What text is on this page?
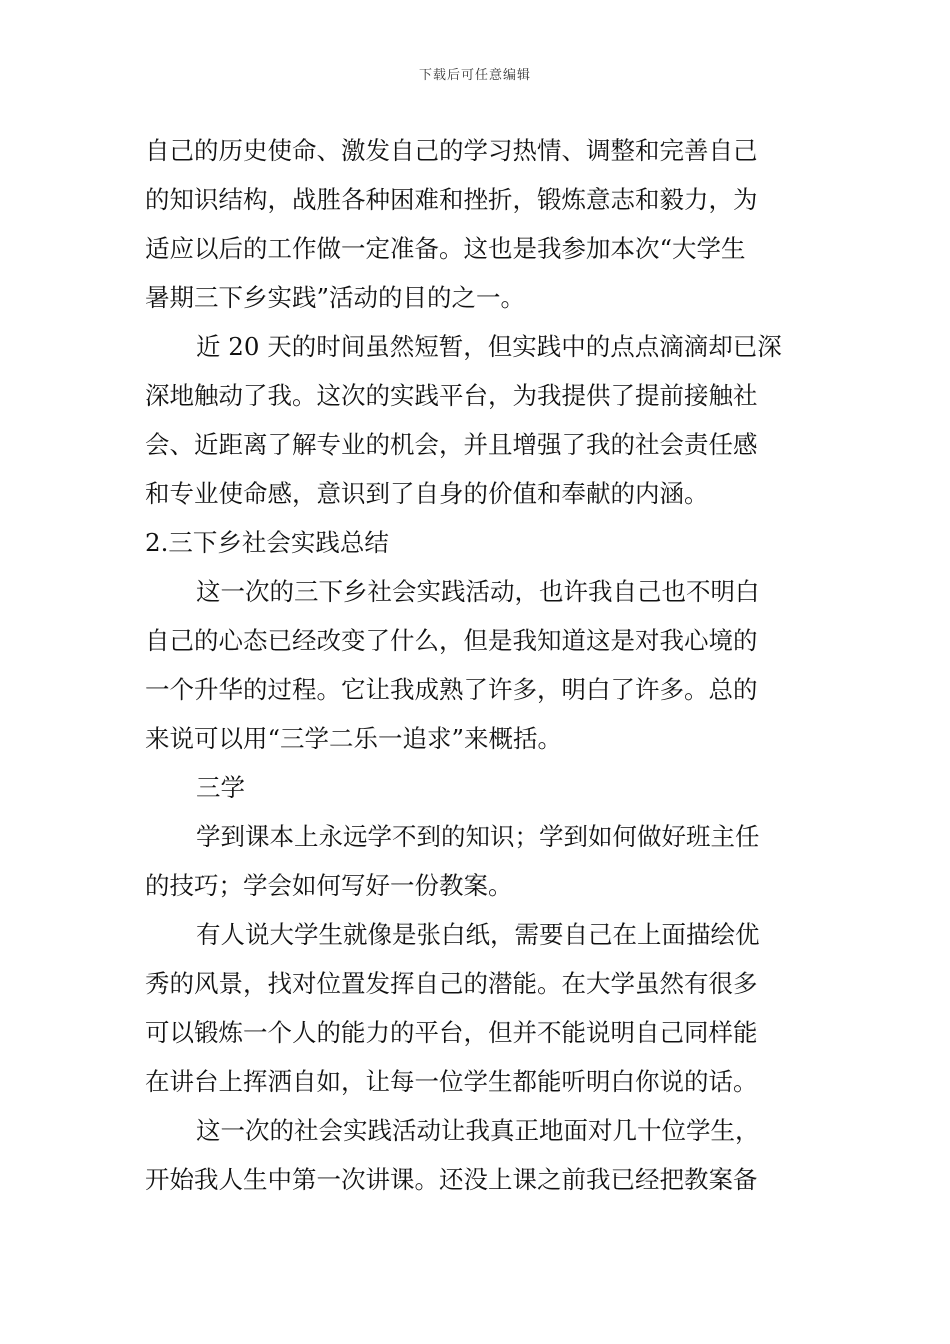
下载后可任意编辑
自己的历史使命、激发自己的学习热情、调整和完善自己
的知识结构，战胜各种困难和挫折，锻炼意志和毅力，为
适应以后的工作做一定准备。这也是我参加本次“大学生
暑期三下乡实践”活动的目的之一。
近 20 天的时间虽然短暂，但实践中的点点滴滴却已深
深地触动了我。这次的实践平台，为我提供了提前接触社
会、近距离了解专业的机会，并且增强了我的社会责任感
和专业使命感，意识到了自身的价值和奉献的内涵。
2.三下乡社会实践总结
这一次的三下乡社会实践活动，也许我自己也不明白
自己的心态已经改变了什么，但是我知道这是对我心境的
一个升华的过程。它让我成熟了许多，明白了许多。总的
来说可以用“三学二乐一追求”来概括。
三学
学到课本上永远学不到的知识；学到如何做好班主任
的技巧；学会如何写好一份教案。
有人说大学生就像是张白纸，需要自己在上面描绘优
秀的风景，找对位置发挥自己的潜能。在大学虽然有很多
可以锻炼一个人的能力的平台，但并不能说明自己同样能
在讲台上挥洒自如，让每一位学生都能听明白你说的话。
这一次的社会实践活动让我真正地面对几十位学生，
开始我人生中第一次讲课。还没上课之前我已经把教案备
